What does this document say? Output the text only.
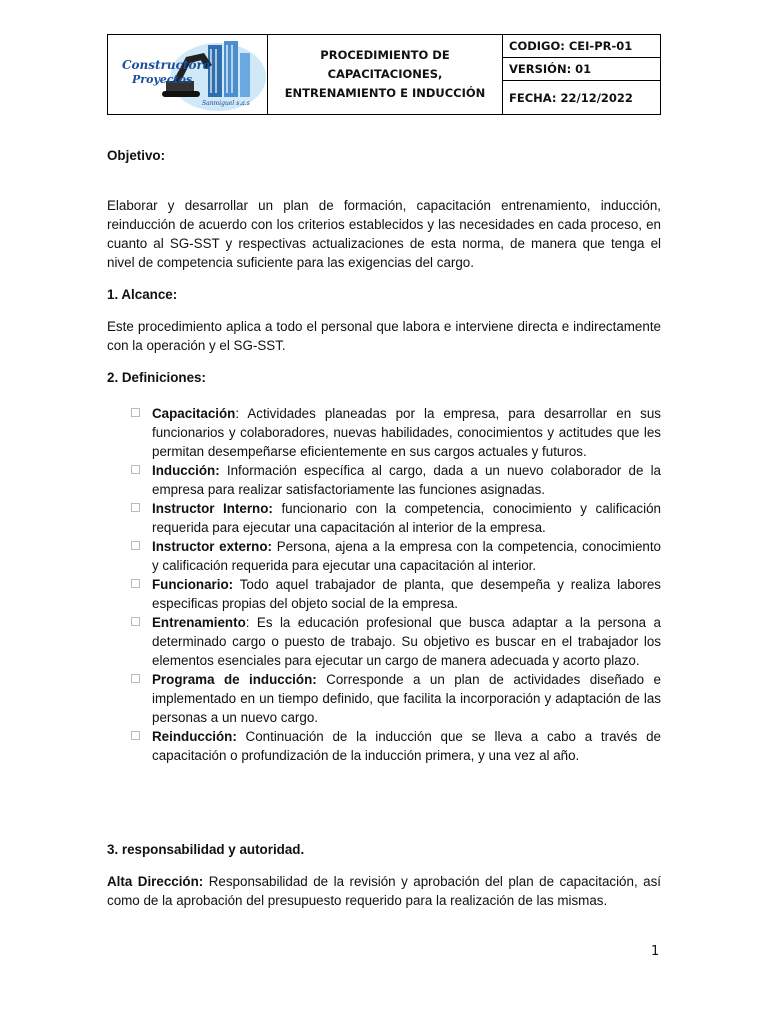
Constructora
Proyectos
Sanmiguel s.a.s

PROCEDIMIENTO DE
CAPACITACIONES,
ENTRENAMIENTO E INDUCCIÓN
	CODIGO: CEI-PR-01
VERSIÓN: 01
FECHA: 22/12/2022

Objetivo:

Elaborar y desarrollar un plan de formación, capacitación entrenamiento, inducción, reinducción de acuerdo con los criterios establecidos y las necesidades en cada proceso, en cuanto al SG-SST y respectivas actualizaciones de esta norma, de manera que tenga el nivel de competencia suficiente para las exigencias del cargo.

1. Alcance:

Este procedimiento aplica a todo el personal que labora e interviene directa e indirectamente con la operación y el SG-SST.

2. Definiciones:

Capacitación: Actividades planeadas por la empresa, para desarrollar en sus funcionarios y colaboradores, nuevas habilidades, conocimientos y actitudes que les permitan desempeñarse eficientemente en sus cargos actuales y futuros.
Inducción: Información específica al cargo, dada a un nuevo colaborador de la empresa para realizar satisfactoriamente las funciones asignadas.
Instructor Interno: funcionario con la competencia, conocimiento y calificación requerida para ejecutar una capacitación al interior de la empresa.
Instructor externo: Persona, ajena a la empresa con la competencia, conocimiento y calificación requerida para ejecutar una capacitación al interior.
Funcionario: Todo aquel trabajador de planta, que desempeña y realiza labores especificas propias del objeto social de la empresa.
Entrenamiento: Es la educación profesional que busca adaptar a la persona a determinado cargo o puesto de trabajo. Su objetivo es buscar en el trabajador los elementos esenciales para ejecutar un cargo de manera adecuada y acorto plazo.
Programa de inducción: Corresponde a un plan de actividades diseñado e implementado en un tiempo definido, que facilita la incorporación y adaptación de las personas a un nuevo cargo.
Reinducción: Continuación de la inducción que se lleva a cabo a través de capacitación o profundización de la inducción primera, y una vez al año.

3. responsabilidad y autoridad.

Alta Dirección: Responsabilidad de la revisión y aprobación del plan de capacitación, así como de la aprobación del presupuesto requerido para la realización de las mismas.

1
